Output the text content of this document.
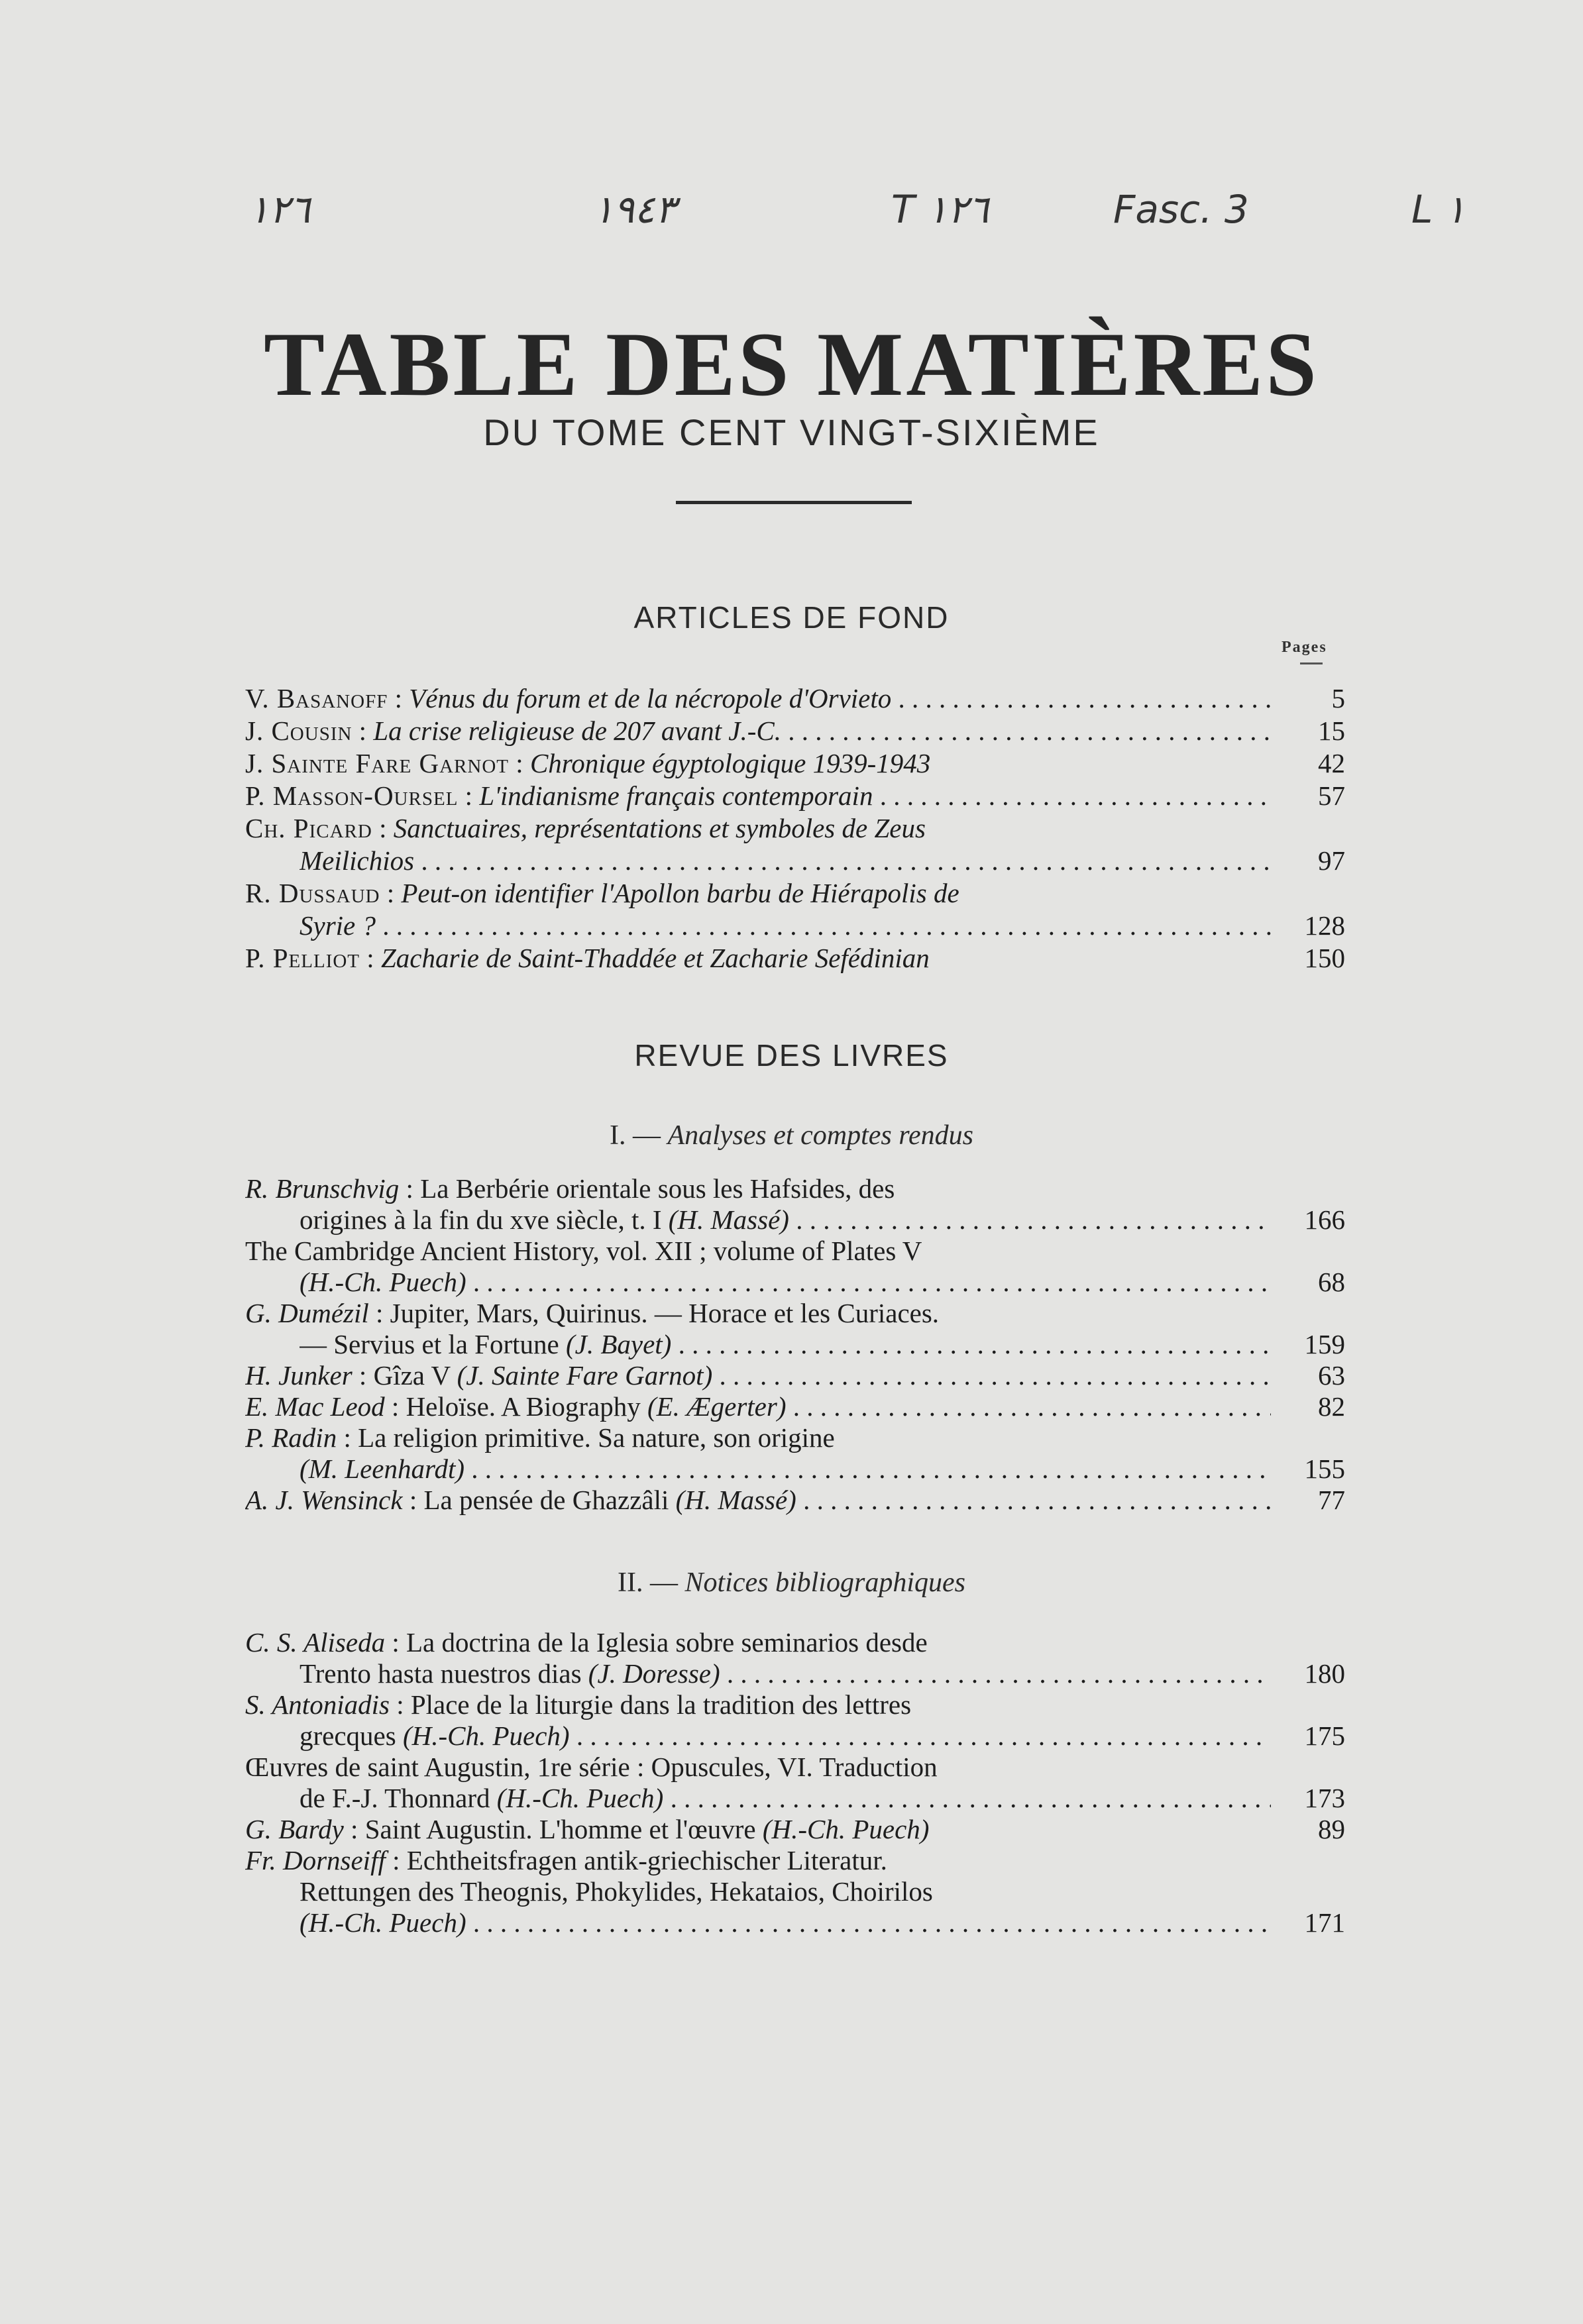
١٢٦	١٩٤٣	T ١٢٦	Fasc. 3	L ١
TABLE DES MATIÈRES
DU TOME CENT VINGT-SIXIÈME
ARTICLES DE FOND
Pages
V. Basanoff : Vénus du forum et de la nécropole d'Orvieto . . .	5
J. Cousin : La crise religieuse de 207 avant J.-C. . . .	15
J. Sainte Fare Garnot : Chronique égyptologique 1939-1943	42
P. Masson-Oursel : L'indianisme français contemporain . . .	57
Ch. Picard : Sanctuaires, représentations et symboles de Zeus
Meilichios . . .	97
R. Dussaud : Peut-on identifier l'Apollon barbu de Hiérapolis de
Syrie ? . . .	128
P. Pelliot : Zacharie de Saint-Thaddée et Zacharie Sefédinian	150
REVUE DES LIVRES
I. — Analyses et comptes rendus
R. Brunschvig : La Berbérie orientale sous les Hafsides, des
origines à la fin du xve siècle, t. I (H. Massé) . . .	166
The Cambridge Ancient History, vol. XII ; volume of Plates V
(H.-Ch. Puech) . . .	68
G. Dumézil : Jupiter, Mars, Quirinus. — Horace et les Curiaces.
— Servius et la Fortune (J. Bayet) . . .	159
H. Junker : Gîza V (J. Sainte Fare Garnot) . . .	63
E. Mac Leod : Heloïse. A Biography (E. Ægerter) . . .	82
P. Radin : La religion primitive. Sa nature, son origine
(M. Leenhardt) . . .	155
A. J. Wensinck : La pensée de Ghazzâli (H. Massé) . . .	77
II. — Notices bibliographiques
C. S. Aliseda : La doctrina de la Iglesia sobre seminarios desde
Trento hasta nuestros dias (J. Doresse) . . .	180
S. Antoniadis : Place de la liturgie dans la tradition des lettres
grecques (H.-Ch. Puech) . . .	175
Œuvres de saint Augustin, 1re série : Opuscules, VI. Traduction
de F.-J. Thonnard (H.-Ch. Puech) . . .	173
G. Bardy : Saint Augustin. L'homme et l'œuvre (H.-Ch. Puech)	89
Fr. Dornseiff : Echtheitsfragen antik-griechischer Literatur.
Rettungen des Theognis, Phokylides, Hekataios, Choirilos
(H.-Ch. Puech) . . .	171
